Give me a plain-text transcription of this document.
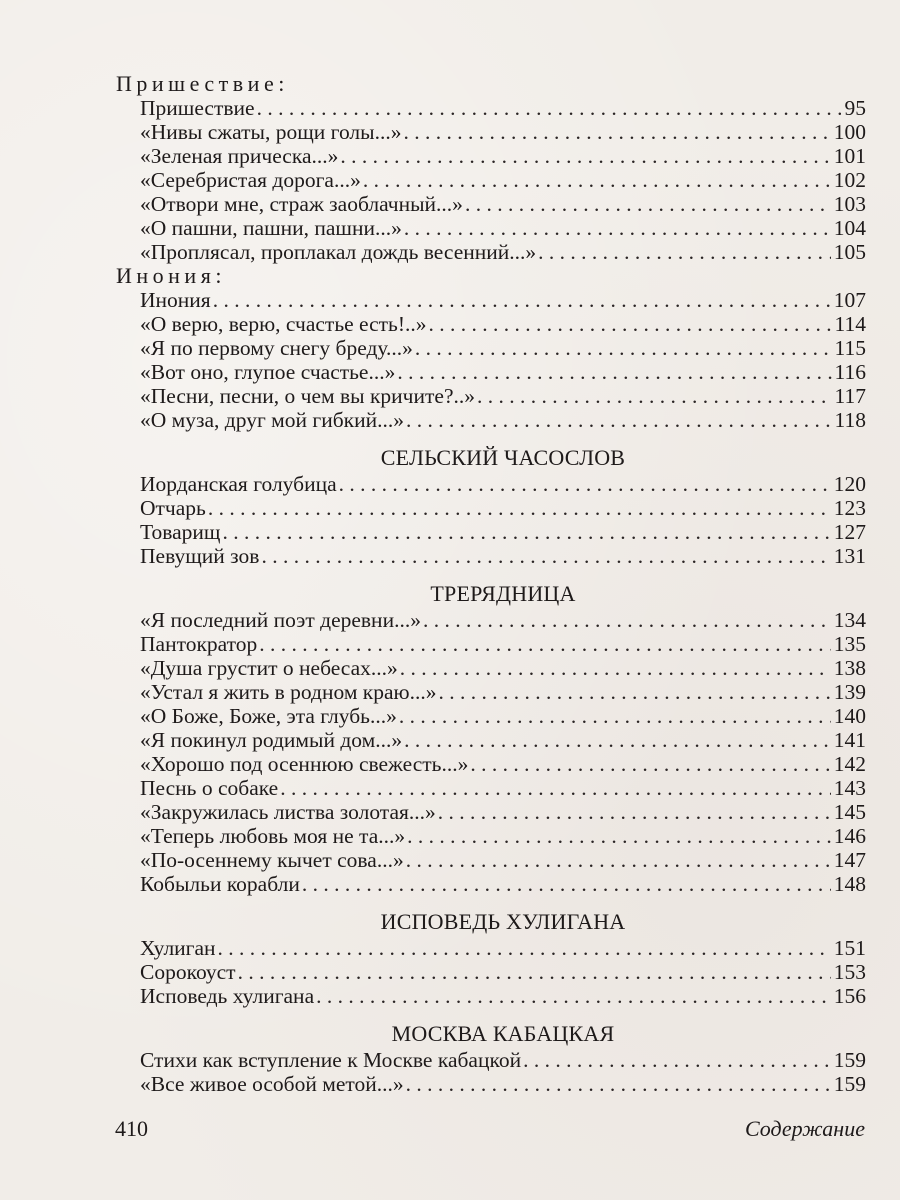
Пришествие:
Пришествие . . .	95
«Нивы сжаты, рощи голы...» . . .	100
«Зеленая прическа...» . . .	101
«Серебристая дорога...» . . .	102
«Отвори мне, страж заоблачный...» . . .	103
«О пашни, пашни, пашни...» . . .	104
«Проплясал, проплакал дождь весенний...» . . .	105
Инония:
Инония . . .	107
«О верю, верю, счастье есть!..» . . .	114
«Я по первому снегу бреду...» . . .	115
«Вот оно, глупое счастье...» . . .	116
«Песни, песни, о чем вы кричите?..» . . .	117
«О муза, друг мой гибкий...» . . .	118
СЕЛЬСКИЙ ЧАСОСЛОВ
Иорданская голубица . . .	120
Отчарь . . .	123
Товарищ . . .	127
Певущий зов . . .	131
ТРЕРЯДНИЦА
«Я последний поэт деревни...» . . .	134
Пантократор . . .	135
«Душа грустит о небесах...» . . .	138
«Устал я жить в родном краю...» . . .	139
«О Боже, Боже, эта глубь...» . . .	140
«Я покинул родимый дом...» . . .	141
«Хорошо под осеннюю свежесть...» . . .	142
Песнь о собаке . . .	143
«Закружилась листва золотая...» . . .	145
«Теперь любовь моя не та...» . . .	146
«По-осеннему кычет сова...» . . .	147
Кобыльи корабли . . .	148
ИСПОВЕДЬ ХУЛИГАНА
Хулиган . . .	151
Сорокоуст . . .	153
Исповедь хулигана . . .	156
МОСКВА КАБАЦКАЯ
Стихи как вступление к Москве кабацкой . . .	159
«Все живое особой метой...» . . .	159
410	Содержание
